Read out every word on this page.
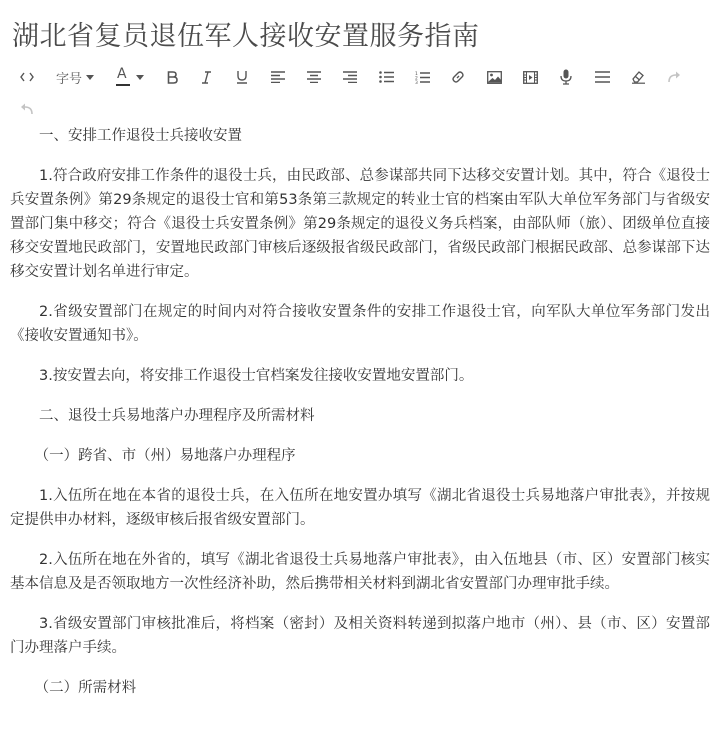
湖北省复员退伍军人接收安置服务指南
字号	A	1
2
3

一、安排工作退役士兵接收安置

1.符合政府安排工作条件的退役士兵，由民政部、总参谋部共同下达移交安置计划。其中，符合《退役士兵安置条例》第29条规定的退役士官和第53条第三款规定的转业士官的档案由军队大单位军务部门与省级安置部门集中移交；符合《退役士兵安置条例》第29条规定的退役义务兵档案，由部队师（旅）、团级单位直接移交安置地民政部门，安置地民政部门审核后逐级报省级民政部门，省级民政部门根据民政部、总参谋部下达移交安置计划名单进行审定。

2.省级安置部门在规定的时间内对符合接收安置条件的安排工作退役士官，向军队大单位军务部门发出《接收安置通知书》。

3.按安置去向，将安排工作退役士官档案发往接收安置地安置部门。

二、退役士兵易地落户办理程序及所需材料

（一）跨省、市（州）易地落户办理程序

1.入伍所在地在本省的退役士兵，在入伍所在地安置办填写《湖北省退役士兵易地落户审批表》，并按规定提供申办材料，逐级审核后报省级安置部门。

2.入伍所在地在外省的，填写《湖北省退役士兵易地落户审批表》，由入伍地县（市、区）安置部门核实基本信息及是否领取地方一次性经济补助，然后携带相关材料到湖北省安置部门办理审批手续。

3.省级安置部门审核批准后，将档案（密封）及相关资料转递到拟落户地市（州）、县（市、区）安置部门办理落户手续。

（二）所需材料
